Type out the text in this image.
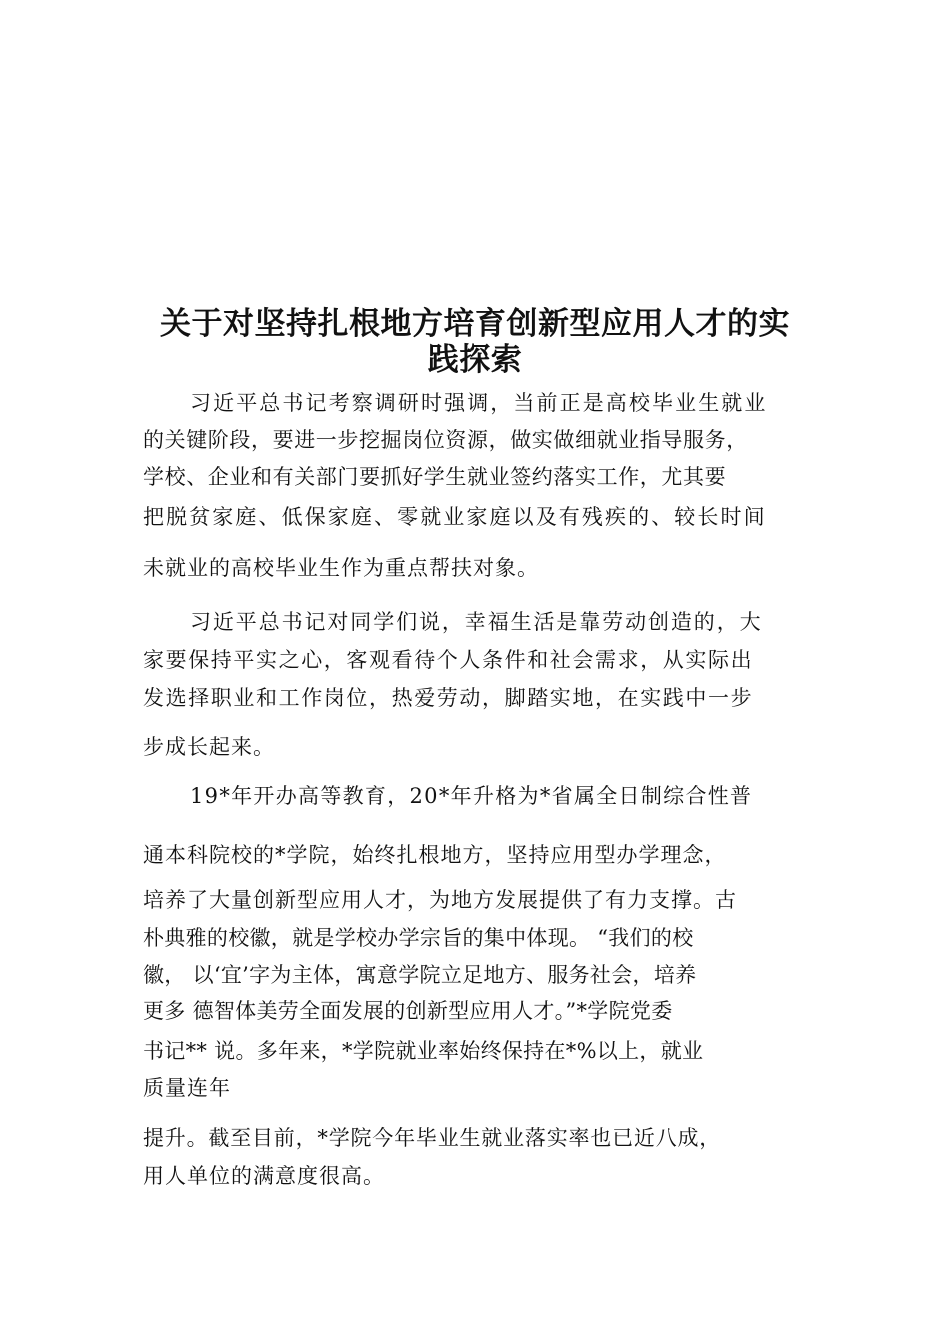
关于对坚持扎根地方培育创新型应用人才的实
践探索

习近平总书记考察调研时强调，当前正是高校毕业生就业

的关键阶段，要进一步挖掘岗位资源，做实做细就业指导服务，

学校、企业和有关部门要抓好学生就业签约落实工作，尤其要

把脱贫家庭、低保家庭、零就业家庭以及有残疾的、较长时间

未就业的高校毕业生作为重点帮扶对象。

习近平总书记对同学们说，幸福生活是靠劳动创造的，大

家要保持平实之心，客观看待个人条件和社会需求，从实际出

发选择职业和工作岗位，热爱劳动，脚踏实地，在实践中一步

步成长起来。

19*年开办高等教育，20*年升格为*省属全日制综合性普

通本科院校的*学院，始终扎根地方，坚持应用型办学理念，

培养了大量创新型应用人才，为地方发展提供了有力支撑。古

朴典雅的校徽，就是学校办学宗旨的集中体现。 “我们的校

徽， 以‘宜’字为主体，寓意学院立足地方、服务社会，培养

更多 德智体美劳全面发展的创新型应用人才。”*学院党委

书记** 说。多年来，*学院就业率始终保持在*%以上，就业

质量连年

提升。截至目前，*学院今年毕业生就业落实率也已近八成，

用人单位的满意度很高。
